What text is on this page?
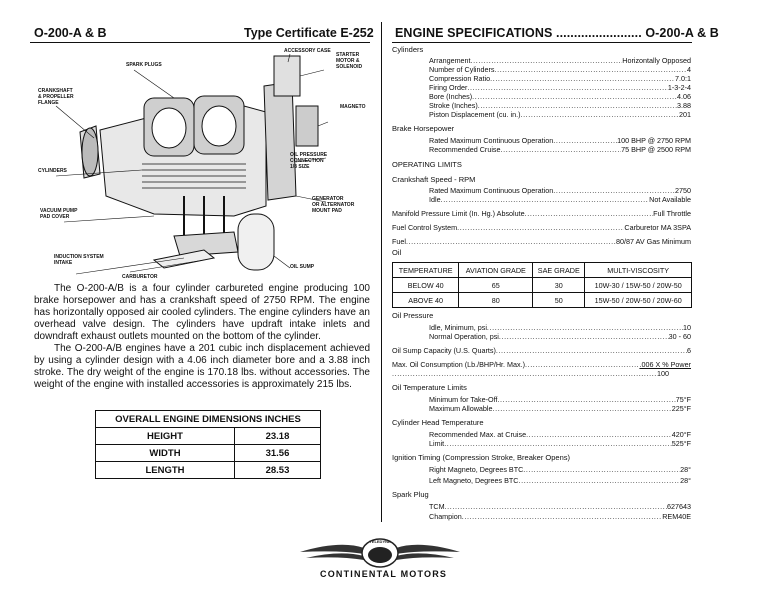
O-200-A & B	Type Certificate E-252 ENGINE SPECIFICATIONS ........................ O-200-A & B
SPARK PLUGS
ACCESSORY CASE
STARTER
MOTOR &
SOLENOID
CRANKSHAFT
& PROPELLER
FLANGE
MAGNETO
CYLINDERS
OIL PRESSURE
CONNECTION
1/8 SIZE
GENERATOR
OR ALTERNATOR
MOUNT PAD
VACUUM PUMP
PAD COVER
INDUCTION SYSTEM
INTAKE
OIL SUMP
CARBURETOR
The O-200-A/B is a four cylinder carbureted engine producing 100 brake horsepower and has a crankshaft speed of 2750 RPM. The engine has horizontally opposed air cooled cylinders. The engine cylinders have an overhead valve design. The cylinders have updraft intake inlets and downdraft exhaust outlets mounted on the bottom of the cylinder.
The O-200-A/B engines have a 201 cubic inch displacement achieved by using a cylinder design with a 4.06 inch diameter bore and a 3.88 inch stroke. The dry weight of the engine is 170.18 lbs. without accessories. The weight of the engine with installed accessories is approximately 215 lbs.
OVERALL ENGINE DIMENSIONS INCHES	
HEIGHT	23.18
WIDTH	31.56
LENGTH	28.53
Cylinders
Arrangement .....	Horizontally Opposed
Number of Cylinders .....	4
Compression Ratio .....	7.0:1
Firing Order .....	1-3-2-4
Bore (Inches) .....	4.06
Stroke (Inches) .....	3.88
Piston Displacement (cu. in.) .....	201
Brake Horsepower
Rated Maximum Continuous Operation .....	100 BHP @ 2750 RPM
Recommended Cruise .....	75 BHP @ 2500 RPM
OPERATING LIMITS
Crankshaft Speed - RPM
Rated Maximum Continuous Operation .....	2750
Idle .....	Not Available
Manifold Pressure Limit (In. Hg.) Absolute .....	Full Throttle
Fuel Control System .....	Carburetor MA 3SPA
Fuel .....	80/87 AV Gas Minimum
Oil
TEMPERATURE	AVIATION GRADE	SAE GRADE	MULTI-VISCOSITY
BELOW 40	65	30	10W-30 / 15W-50 / 20W-50
ABOVE 40	80	50	15W-50 / 20W-50 / 20W-60
Oil Pressure
Idle, Minimum, psi .....	10
Normal Operation, psi .....	30 - 60
Oil Sump Capacity (U.S. Quarts) .....	6
Max. Oil Consumption (Lb./BHP/Hr. Max.) .....	.006 X % Power
.....
100
Oil Temperature Limits
Minimum for Take-Off .....	75°F
Maximum Allowable .....	225°F
Cylinder Head Temperature
Recommended Max. at Cruise .....	420°F
Limit .....	525°F
Ignition Timing (Compression Stroke, Breaker Opens)
Right Magneto, Degrees BTC .....	28°
Left Magneto, Degrees BTC .....	28°
Spark Plug
TCM .....	627643
Champion .....	REM40E
TELEDYNE
CONTINENTAL MOTORS
